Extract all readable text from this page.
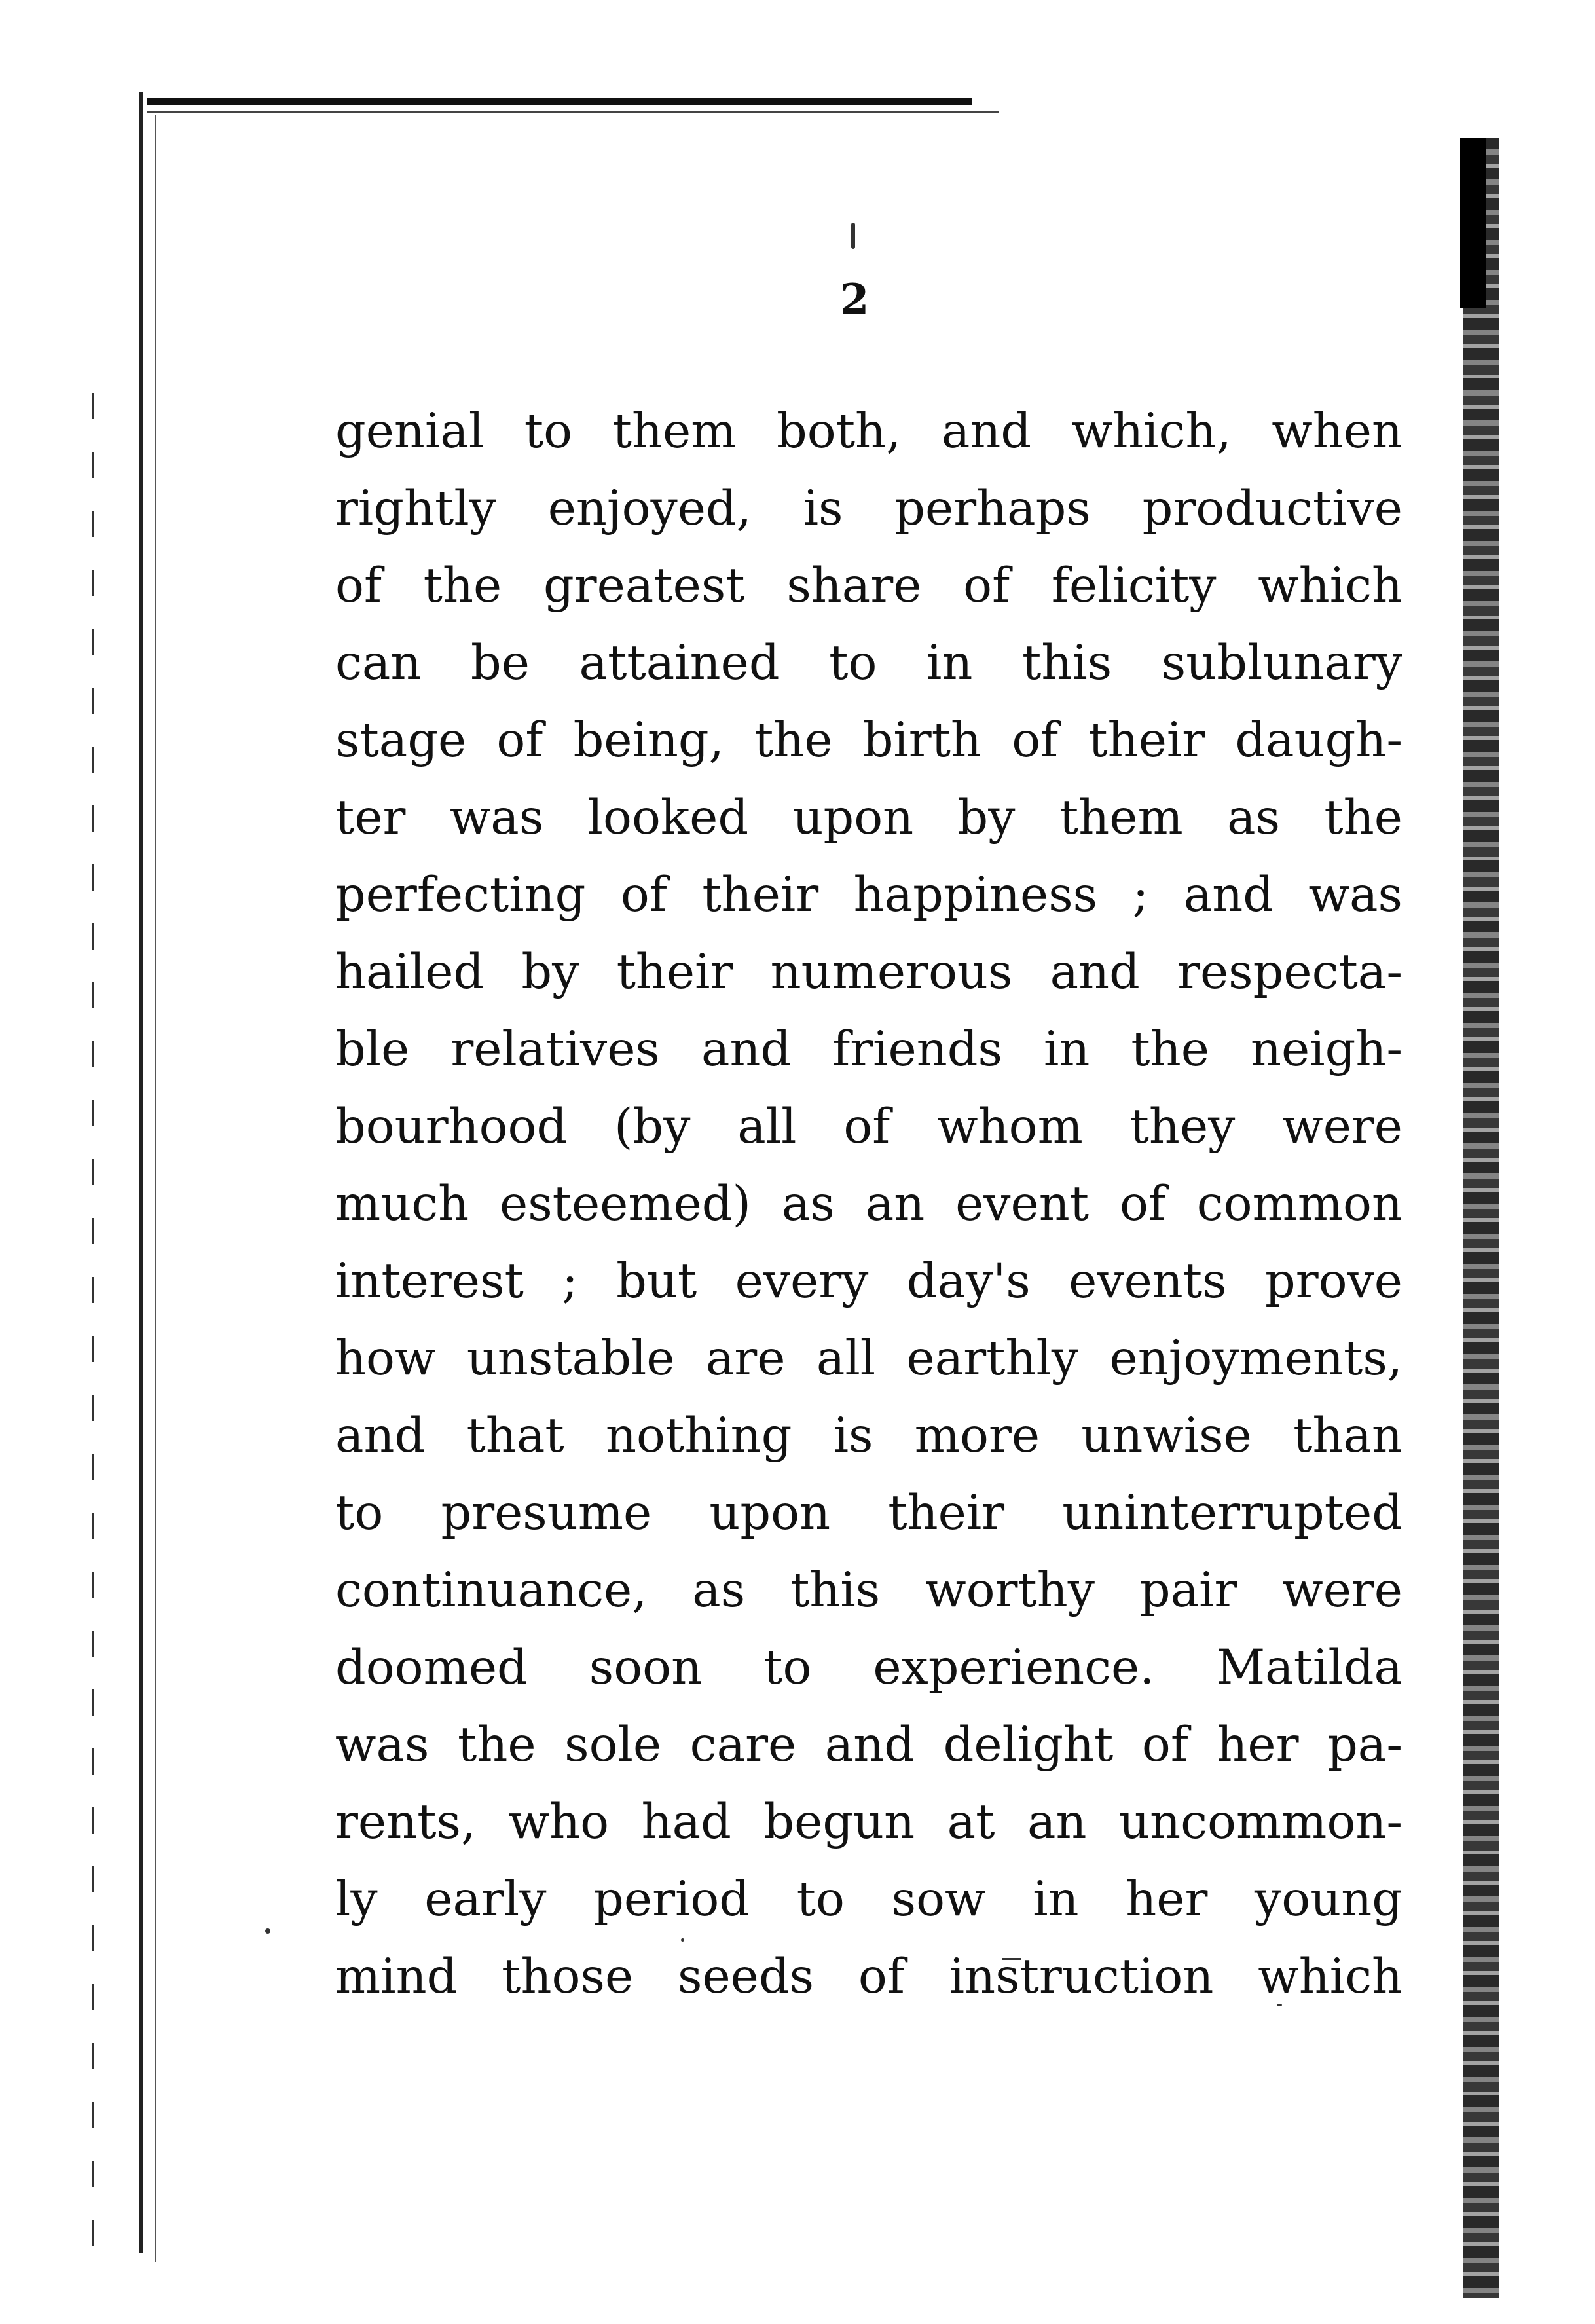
2
genial to them both, and which, when
rightly enjoyed, is perhaps productive
of the greatest share of felicity which
can be attained to in this sublunary
stage of being, the birth of their daugh-
ter was looked upon by them as the
perfecting of their happiness ; and was
hailed by their numerous and respecta-
ble relatives and friends in the neigh-
bourhood (by all of whom they were
much esteemed) as an event of common
interest ; but every day's events prove
how unstable are all earthly enjoyments,
and that nothing is more unwise than
to presume upon their uninterrupted
continuance, as this worthy pair were
doomed soon to experience. Matilda
was the sole care and delight of her pa-
rents, who had begun at an uncommon-
ly early period to sow in her young
mind those seeds of instruction which
